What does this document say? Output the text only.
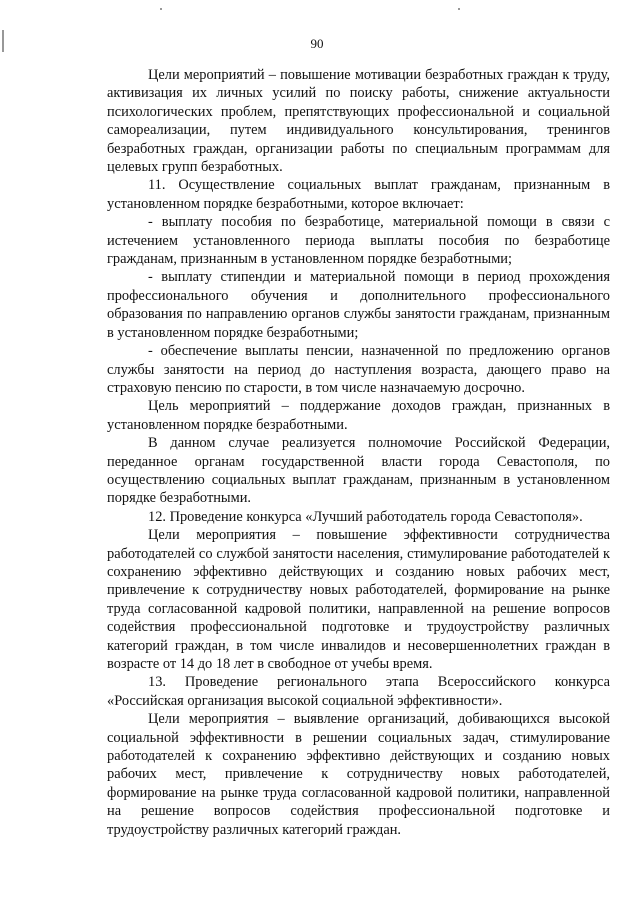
90

Цели мероприятий – повышение мотивации безработных граждан к труду, активизация их личных усилий по поиску работы, снижение актуальности психологических проблем, препятствующих профессиональной и социальной самореализации, путем индивидуального консультирования, тренингов безработных граждан, организации работы по специальным программам для целевых групп безработных.

11. Осуществление социальных выплат гражданам, признанным в установленном порядке безработными, которое включает:

- выплату пособия по безработице, материальной помощи в связи с истечением установленного периода выплаты пособия по безработице гражданам, признанным в установленном порядке безработными;

- выплату стипендии и материальной помощи в период прохождения профессионального обучения и дополнительного профессионального образования по направлению органов службы занятости гражданам, признанным в установленном порядке безработными;

- обеспечение выплаты пенсии, назначенной по предложению органов службы занятости на период до наступления возраста, дающего право на страховую пенсию по старости, в том числе назначаемую досрочно.

Цель мероприятий – поддержание доходов граждан, признанных в установленном порядке безработными.

В данном случае реализуется полномочие Российской Федерации, переданное органам государственной власти города Севастополя, по осуществлению социальных выплат гражданам, признанным в установленном порядке безработными.

12. Проведение конкурса «Лучший работодатель города Севастополя».

Цели мероприятия – повышение эффективности сотрудничества работодателей со службой занятости населения, стимулирование работодателей к сохранению эффективно действующих и созданию новых рабочих мест, привлечение к сотрудничеству новых работодателей, формирование на рынке труда согласованной кадровой политики, направленной на решение вопросов содействия профессиональной подготовке и трудоустройству различных категорий граждан, в том числе инвалидов и несовершеннолетних граждан в возрасте от 14 до 18 лет в свободное от учебы время.

13. Проведение регионального этапа Всероссийского конкурса «Российская организация высокой социальной эффективности».

Цели мероприятия – выявление организаций, добивающихся высокой социальной эффективности в решении социальных задач, стимулирование работодателей к сохранению эффективно действующих и созданию новых рабочих мест, привлечение к сотрудничеству новых работодателей, формирование на рынке труда согласованной кадровой политики, направленной на решение вопросов содействия профессиональной подготовке и трудоустройству различных категорий граждан.
